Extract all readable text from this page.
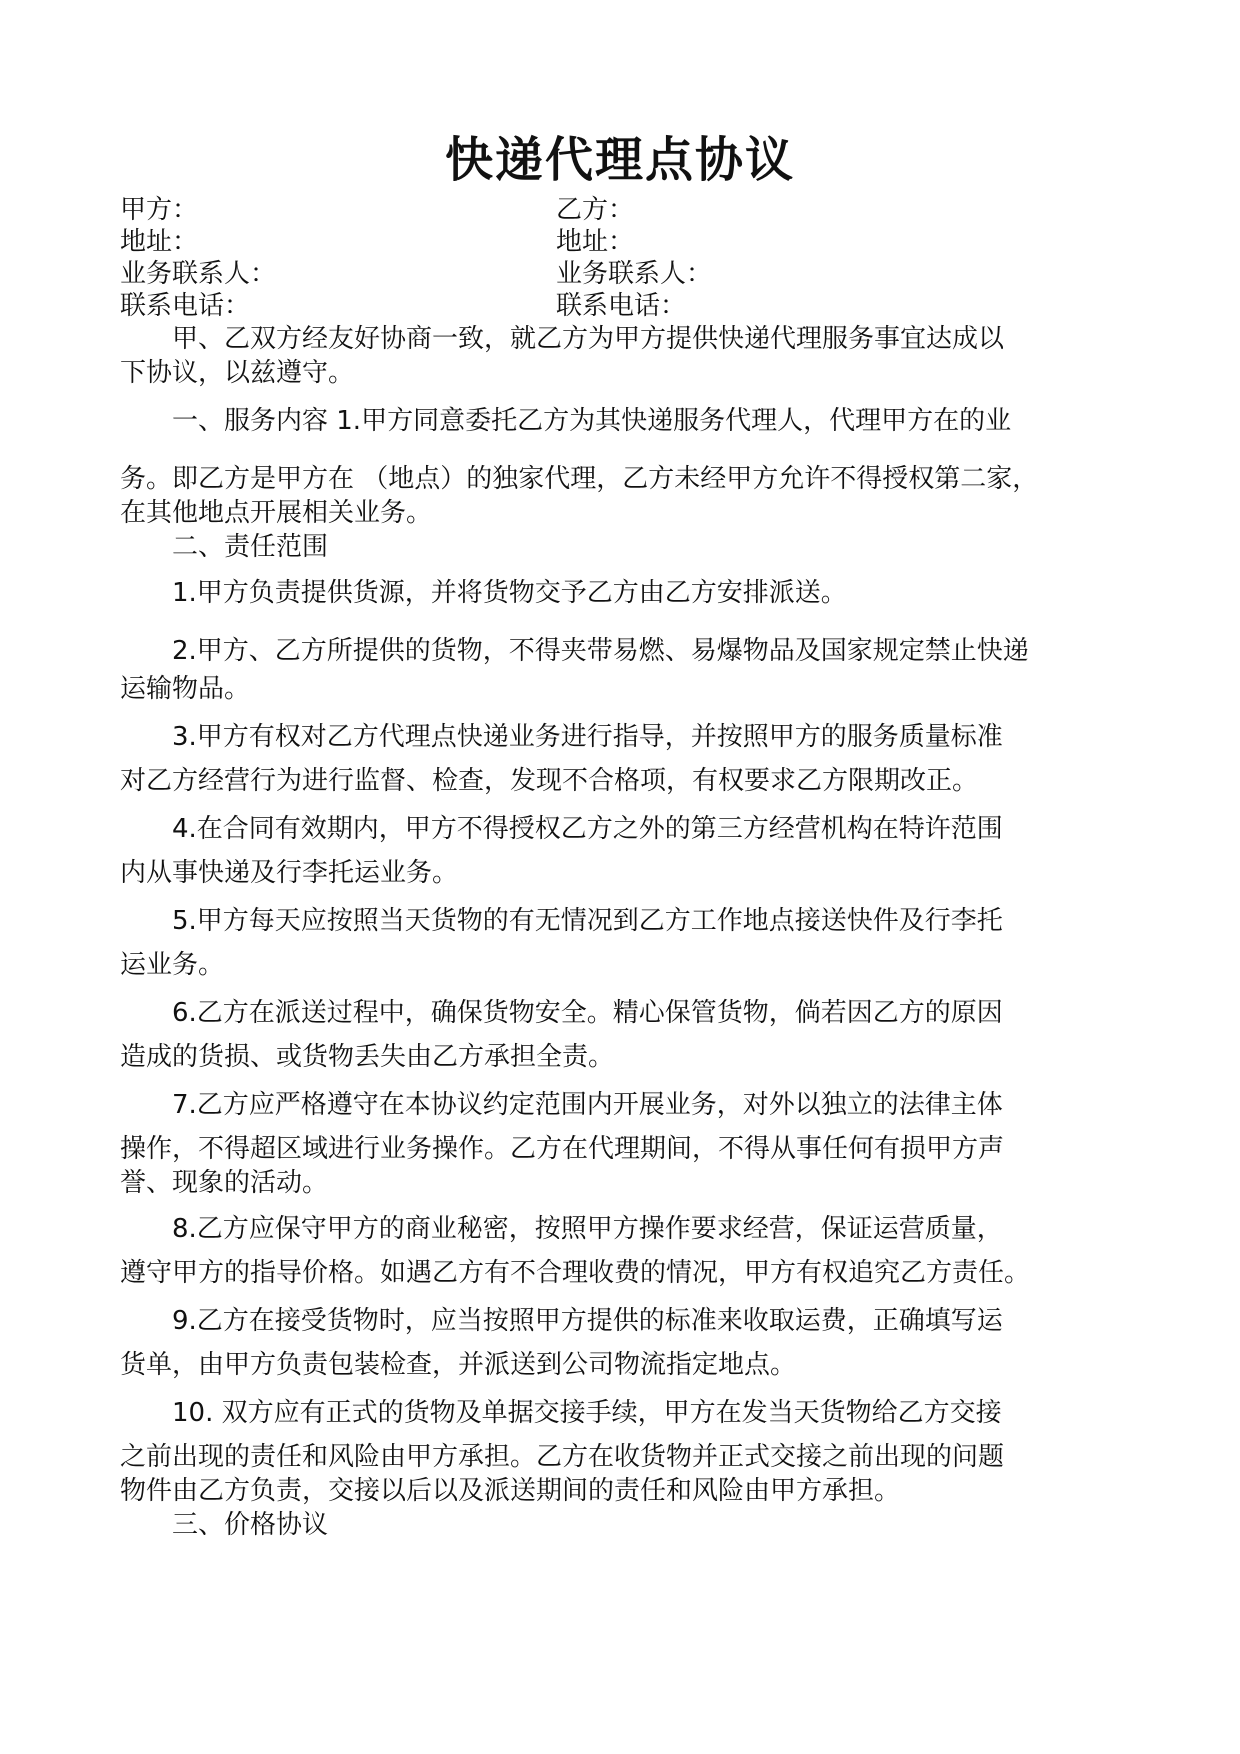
快递代理点协议
甲方：
地址：
业务联系人：
联系电话：
乙方：
地址：
业务联系人：
联系电话：
甲、乙双方经友好协商一致，就乙方为甲方提供快递代理服务事宜达成以
下协议，以兹遵守。
一、服务内容 1.甲方同意委托乙方为其快递服务代理人，代理甲方在的业
务。即乙方是甲方在 （地点）的独家代理，乙方未经甲方允许不得授权第二家，
在其他地点开展相关业务。
二、责任范围
1.甲方负责提供货源，并将货物交予乙方由乙方安排派送。
2.甲方、乙方所提供的货物，不得夹带易燃、易爆物品及国家规定禁止快递
运输物品。
3.甲方有权对乙方代理点快递业务进行指导，并按照甲方的服务质量标准
对乙方经营行为进行监督、检查，发现不合格项，有权要求乙方限期改正。
4.在合同有效期内，甲方不得授权乙方之外的第三方经营机构在特许范围
内从事快递及行李托运业务。
5.甲方每天应按照当天货物的有无情况到乙方工作地点接送快件及行李托
运业务。
6.乙方在派送过程中，确保货物安全。精心保管货物，倘若因乙方的原因
造成的货损、或货物丢失由乙方承担全责。
7.乙方应严格遵守在本协议约定范围内开展业务，对外以独立的法律主体
操作，不得超区域进行业务操作。乙方在代理期间，不得从事任何有损甲方声
誉、现象的活动。
8.乙方应保守甲方的商业秘密，按照甲方操作要求经营，保证运营质量，
遵守甲方的指导价格。如遇乙方有不合理收费的情况，甲方有权追究乙方责任。
9.乙方在接受货物时，应当按照甲方提供的标准来收取运费，正确填写运
货单，由甲方负责包装检查，并派送到公司物流指定地点。
10. 双方应有正式的货物及单据交接手续，甲方在发当天货物给乙方交接
之前出现的责任和风险由甲方承担。乙方在收货物并正式交接之前出现的问题
物件由乙方负责，交接以后以及派送期间的责任和风险由甲方承担。
三、价格协议
